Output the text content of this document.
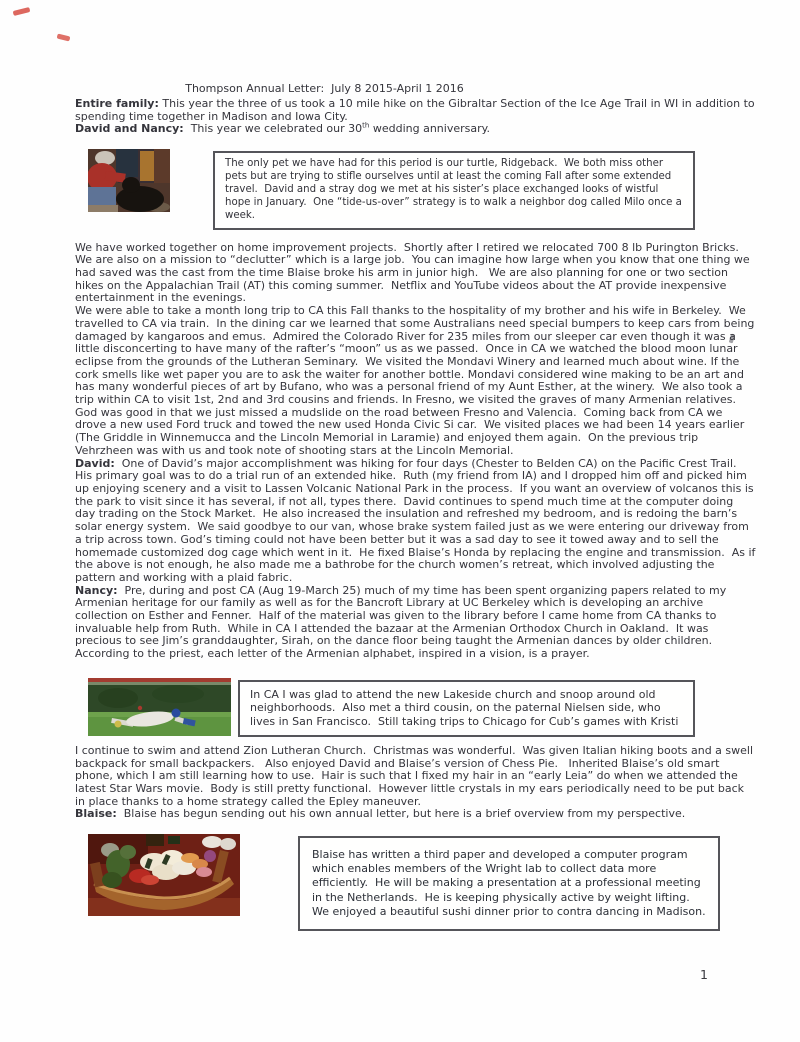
Thompson Annual Letter:  July 8 2015-April 1 2016
Entire family: This year the three of us took a 10 mile hike on the Gibraltar Section of the Ice Age Trail in WI in addition to spending time together in Madison and Iowa City.
David and Nancy:  This year we celebrated our 30th wedding anniversary.
The only pet we have had for this period is our turtle, Ridgeback.  We both miss other pets but are trying to stifle ourselves until at least the coming Fall after some extended travel.  David and a stray dog we met at his sister’s place exchanged looks of wistful hope in January.  One “tide-us-over” strategy is to walk a neighbor dog called Milo once a week.
We have worked together on home improvement projects.  Shortly after I retired we relocated 700 8 lb Purington Bricks.   We are also on a mission to “declutter” which is a large job.  You can imagine how large when you know that one thing we had saved was the cast from the time Blaise broke his arm in junior high.   We are also planning for one or two section hikes on the Appalachian Trail (AT) this coming summer.  Netflix and YouTube videos about the AT provide inexpensive entertainment in the evenings.
We were able to take a month long trip to CA this Fall thanks to the hospitality of my brother and his wife in Berkeley.  We travelled to CA via train.  In the dining car we learned that some Australians need special bumpers to keep cars from being damaged by kangaroos and emus.  Admired the Colorado River for 235 miles from our sleeper car even though it was a little disconcerting to have many of the rafter’s “moon” us as we passed.  Once in CA we watched the blood moon lunar eclipse from the grounds of the Lutheran Seminary.  We visited the Mondavi Winery and learned much about wine. If the cork smells like wet paper you are to ask the waiter for another bottle. Mondavi considered wine making to be an art and has many wonderful pieces of art by Bufano, who was a personal friend of my Aunt Esther, at the winery.  We also took a trip within CA to visit 1st, 2nd and 3rd cousins and friends. In Fresno, we visited the graves of many Armenian relatives.  God was good in that we just missed a mudslide on the road between Fresno and Valencia.  Coming back from CA we drove a new used Ford truck and towed the new used Honda Civic Si car.  We visited places we had been 14 years earlier (The Griddle in Winnemucca and the Lincoln Memorial in Laramie) and enjoyed them again.  On the previous trip Vehrzheen was with us and took note of shooting stars at the Lincoln Memorial.
David:  One of David’s major accomplishment was hiking for four days (Chester to Belden CA) on the Pacific Crest Trail.  His primary goal was to do a trial run of an extended hike.  Ruth (my friend from IA) and I dropped him off and picked him up enjoying scenery and a visit to Lassen Volcanic National Park in the process.  If you want an overview of volcanos this is the park to visit since it has several, if not all, types there.  David continues to spend much time at the computer doing day trading on the Stock Market.  He also increased the insulation and refreshed my bedroom, and is redoing the barn’s solar energy system.  We said goodbye to our van, whose brake system failed just as we were entering our driveway from a trip across town. God’s timing could not have been better but it was a sad day to see it towed away and to sell the homemade customized dog cage which went in it.  He fixed Blaise’s Honda by replacing the engine and transmission.  As if the above is not enough, he also made me a bathrobe for the church women’s retreat, which involved adjusting the pattern and working with a plaid fabric.
Nancy:  Pre, during and post CA (Aug 19-March 25) much of my time has been spent organizing papers related to my Armenian heritage for our family as well as for the Bancroft Library at UC Berkeley which is developing an archive collection on Esther and Fenner.  Half of the material was given to the library before I came home from CA thanks to invaluable help from Ruth.  While in CA I attended the bazaar at the Armenian Orthodox Church in Oakland.  It was precious to see Jim’s granddaughter, Sirah, on the dance floor being taught the Armenian dances by older children.  According to the priest, each letter of the Armenian alphabet, inspired in a vision, is a prayer.
In CA I was glad to attend the new Lakeside church and snoop around old neighborhoods.  Also met a third cousin, on the paternal Nielsen side, who lives in San Francisco.  Still taking trips to Chicago for Cub’s games with Kristi
I continue to swim and attend Zion Lutheran Church.  Christmas was wonderful.  Was given Italian hiking boots and a swell backpack for small backpackers.   Also enjoyed David and Blaise’s version of Chess Pie.   Inherited Blaise’s old smart phone, which I am still learning how to use.  Hair is such that I fixed my hair in an “early Leia” do when we attended the latest Star Wars movie.  Body is still pretty functional.  However little crystals in my ears periodically need to be put back in place thanks to a home strategy called the Epley maneuver.
Blaise:  Blaise has begun sending out his own annual letter, but here is a brief overview from my perspective.
Blaise has written a third paper and developed a computer program which enables members of the Wright lab to collect data more efficiently.  He will be making a presentation at a professional meeting in the Netherlands.  He is keeping physically active by weight lifting.  We enjoyed a beautiful sushi dinner prior to contra dancing in Madison.
1
